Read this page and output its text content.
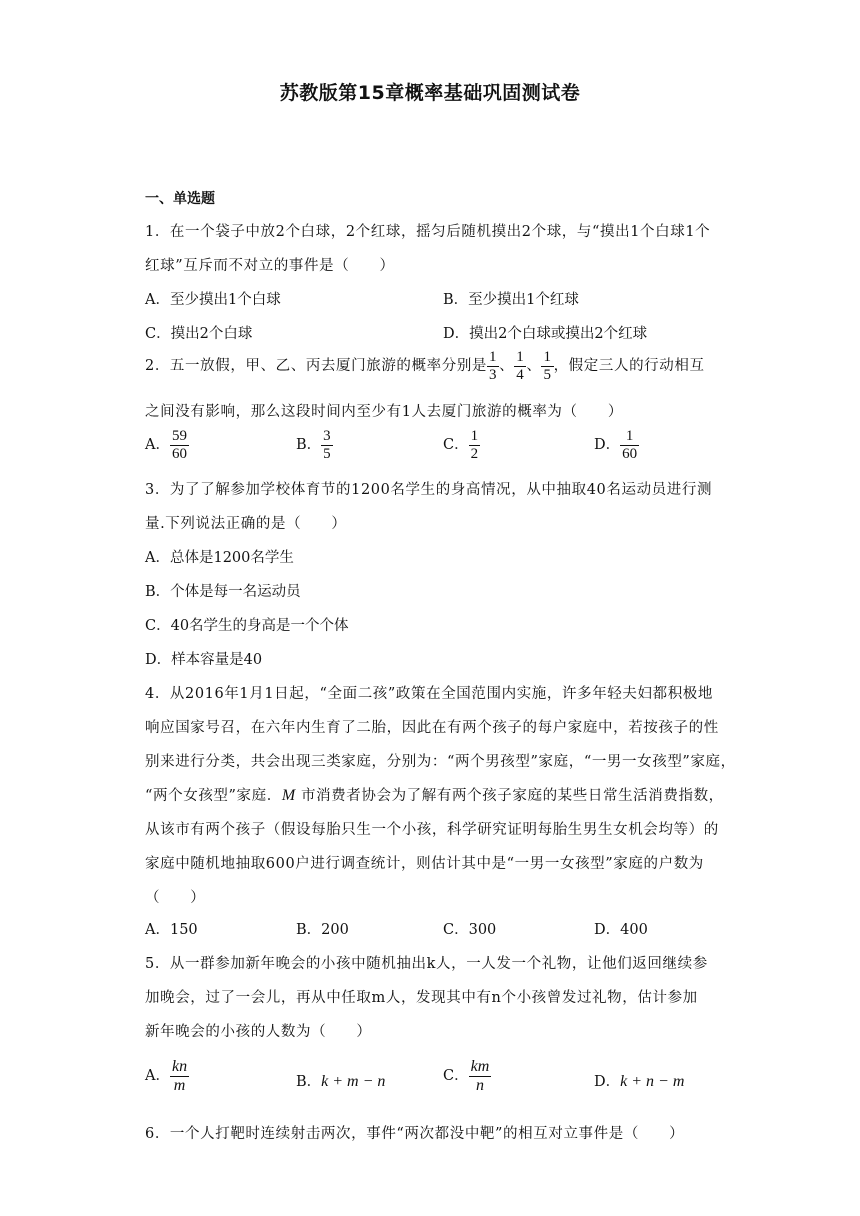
苏教版第15章概率基础巩固测试卷
一、单选题
1．在一个袋子中放2个白球，2个红球，摇匀后随机摸出2个球，与“摸出1个白球1个
红球”互斥而不对立的事件是（　　）
A．至少摸出1个白球	B．至少摸出1个红球
C．摸出2个白球	D．摸出2个白球或摸出2个红球
2．五一放假，甲、乙、丙去厦门旅游的概率分别是 $\frac{1}{3}$ 、 $\frac{1}{4}$ 、 $\frac{1}{5}$ ，假定三人的行动相互
之间没有影响，那么这段时间内至少有1人去厦门旅游的概率为（　　）
A． $\frac{59}{60}$	B． $\frac{3}{5}$	C． $\frac{1}{2}$	D． $\frac{1}{60}$
3．为了了解参加学校体育节的1200名学生的身高情况，从中抽取40名运动员进行测
量.下列说法正确的是（　　）
A．总体是1200名学生
B．个体是每一名运动员
C．40名学生的身高是一个个体
D．样本容量是40
4．从2016年1月1日起，“全面二孩”政策在全国范围内实施，许多年轻夫妇都积极地
响应国家号召，在六年内生育了二胎，因此在有两个孩子的每户家庭中，若按孩子的性
别来进行分类，共会出现三类家庭，分别为：“两个男孩型”家庭，“一男一女孩型”家庭，
“两个女孩型”家庭．M 市消费者协会为了解有两个孩子家庭的某些日常生活消费指数，
从该市有两个孩子（假设每胎只生一个小孩，科学研究证明每胎生男生女机会均等）的
家庭中随机地抽取600户进行调查统计，则估计其中是“一男一女孩型”家庭的户数为
（　　）
A．150	B．200	C．300	D．400
5．从一群参加新年晚会的小孩中随机抽出k人，一人发一个礼物，让他们返回继续参
加晚会，过了一会儿，再从中任取m人，发现其中有n个小孩曾发过礼物，估计参加
新年晚会的小孩的人数为（　　）
A． $\frac{kn}{m}$	B．k + m − n	C． $\frac{km}{n}$	D．k + n − m
6．一个人打靶时连续射击两次，事件“两次都没中靶”的相互对立事件是（　　）
